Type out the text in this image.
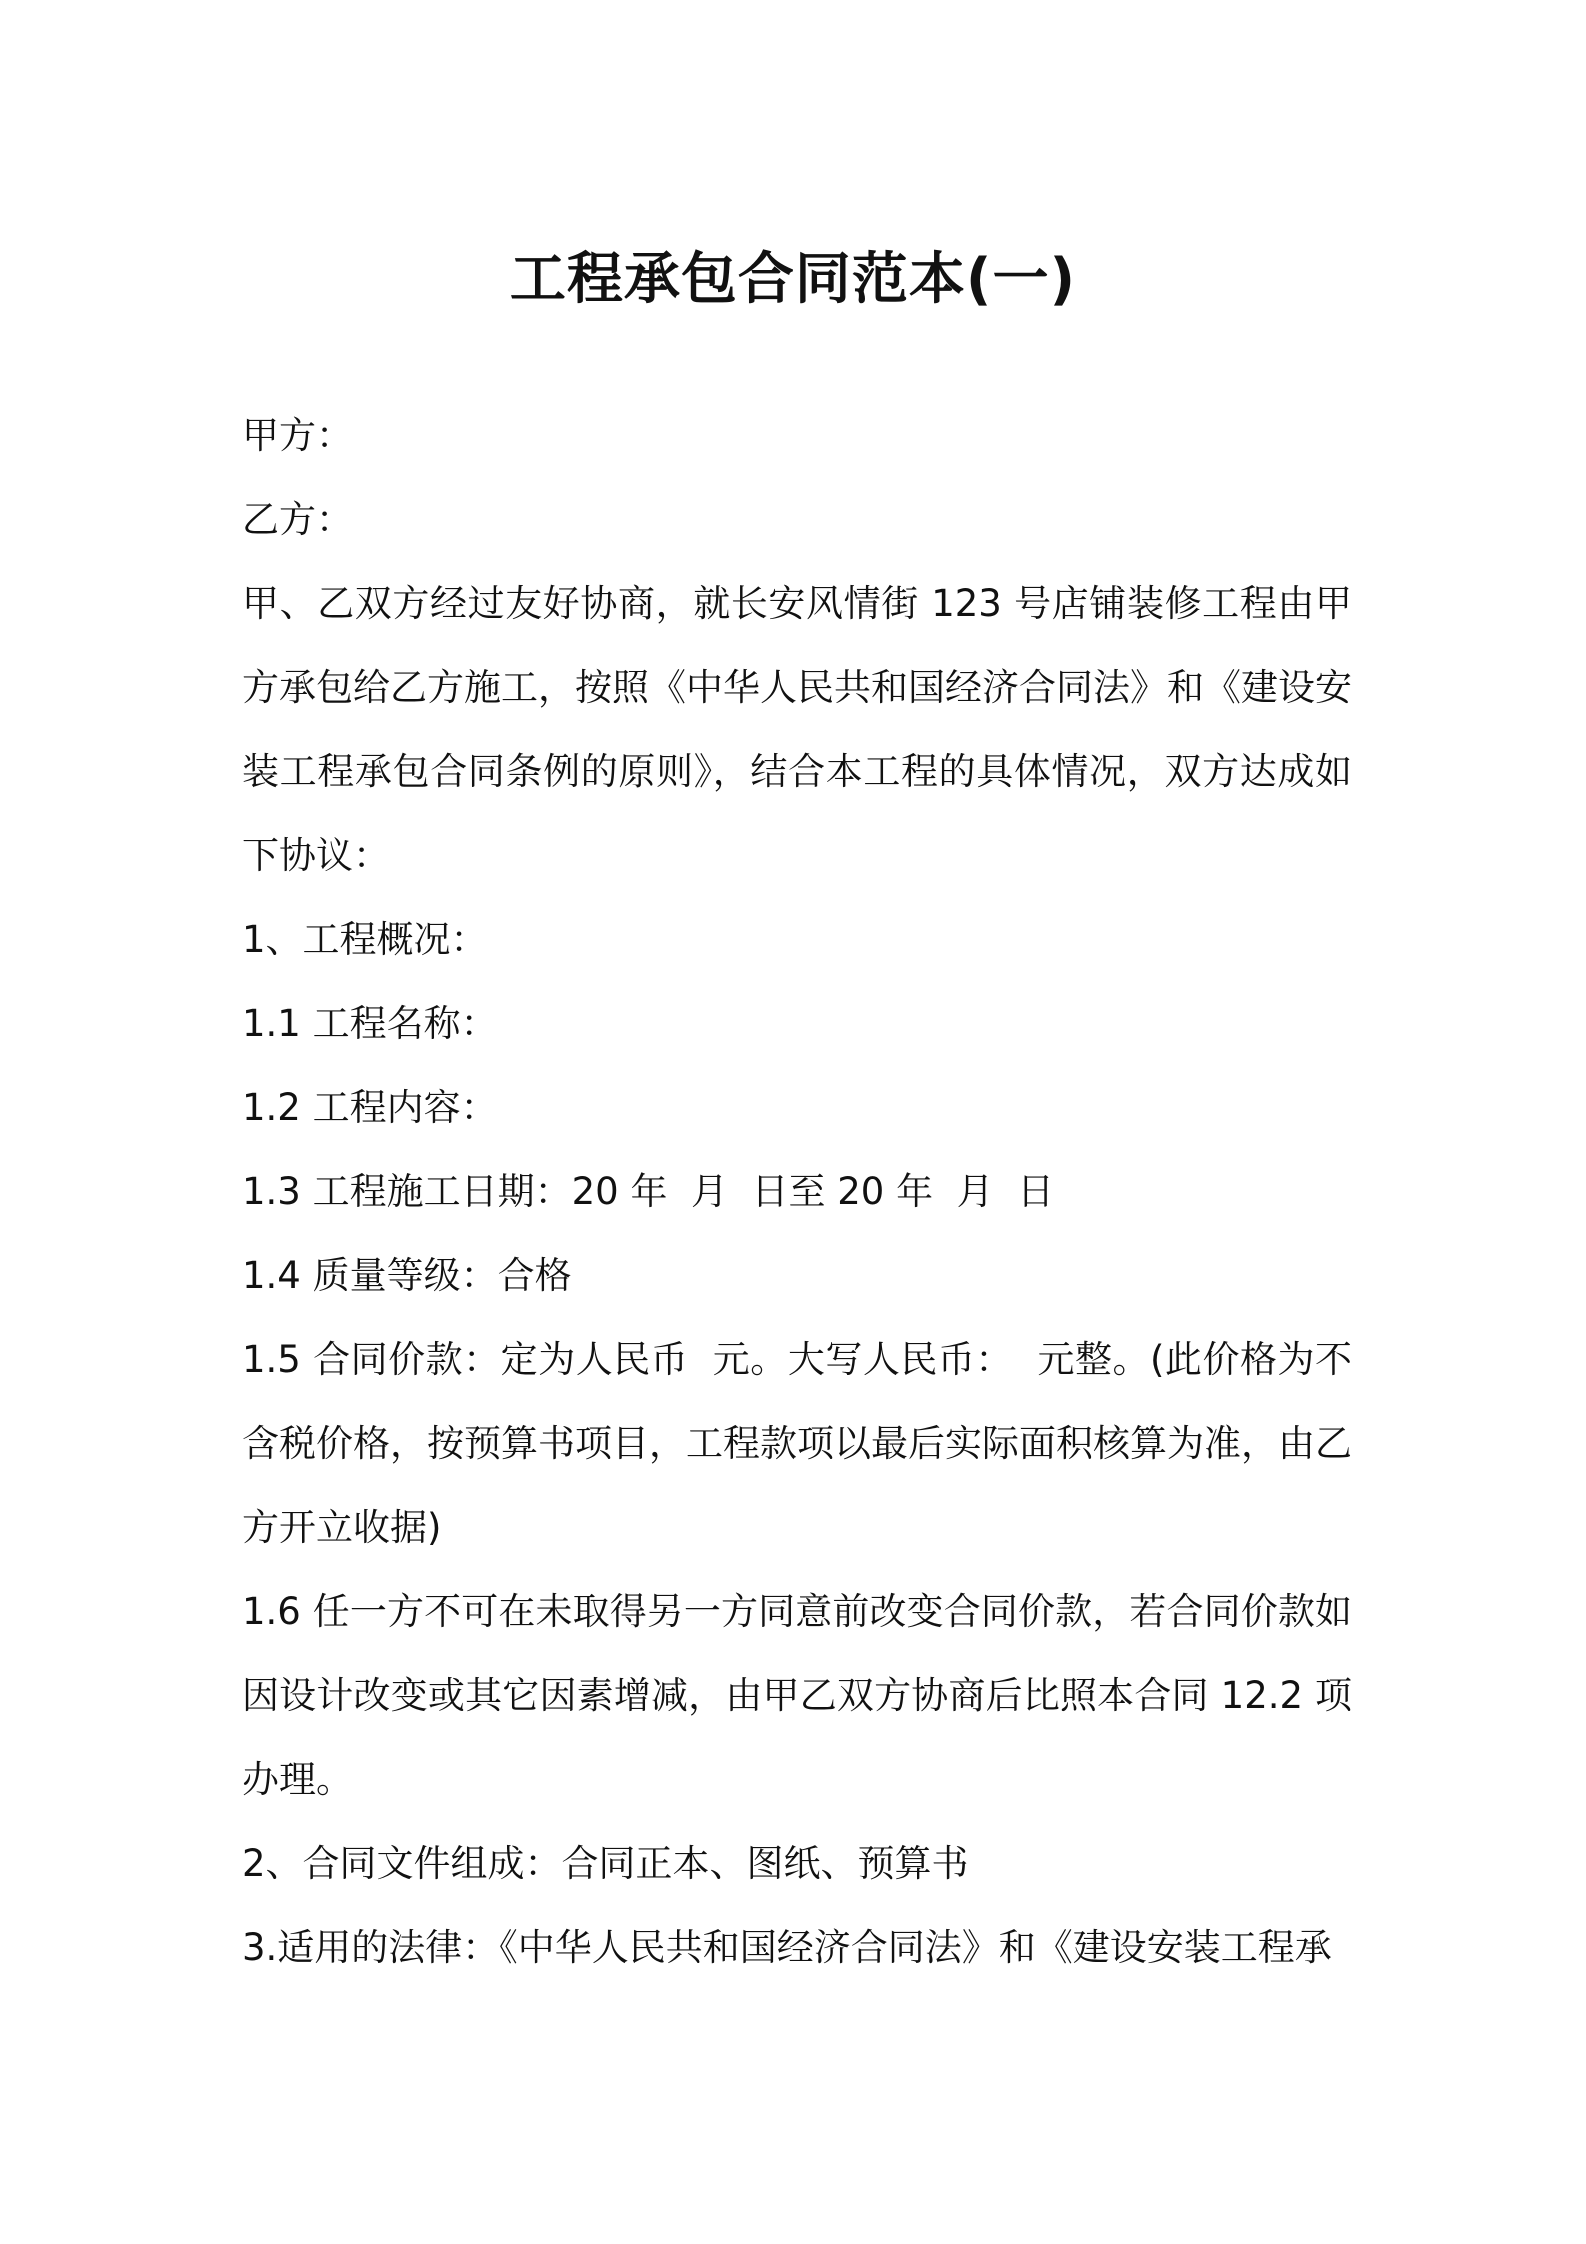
工程承包合同范本(一)

甲方：

乙方：

甲、乙双方经过友好协商，就长安风情街 123 号店铺装修工程由甲方承包给乙方施工，按照《中华人民共和国经济合同法》和《建设安装工程承包合同条例的原则》，结合本工程的具体情况，双方达成如下协议：

1、工程概况：

1.1 工程名称：

1.2 工程内容：

1.3 工程施工日期：20 年  月  日至 20 年  月  日

1.4 质量等级：合格

1.5 合同价款：定为人民币  元。大写人民币：  元整。(此价格为不含税价格，按预算书项目，工程款项以最后实际面积核算为准，由乙方开立收据)

1.6 任一方不可在未取得另一方同意前改变合同价款，若合同价款如因设计改变或其它因素增减，由甲乙双方协商后比照本合同 12.2 项办理。

2、合同文件组成：合同正本、图纸、预算书

3.适用的法律：《中华人民共和国经济合同法》和《建设安装工程承
